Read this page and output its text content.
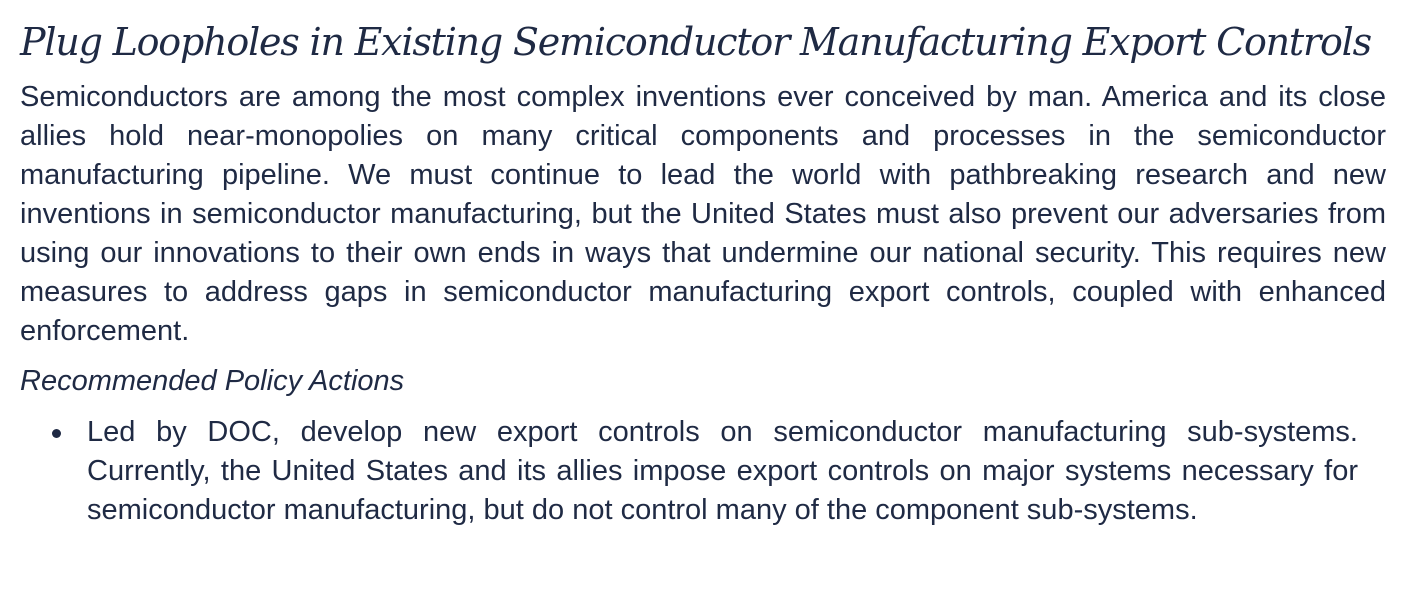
Plug Loopholes in Existing Semiconductor Manufacturing Export Controls

Semiconductors are among the most complex inventions ever conceived by man. America and its close allies hold near-monopolies on many critical components and processes in the semiconductor manufacturing pipeline. We must continue to lead the world with pathbreaking research and new inventions in semiconductor manufacturing, but the United States must also prevent our adversaries from using our innovations to their own ends in ways that undermine our national security. This requires new measures to address gaps in semiconductor manufacturing export controls, coupled with enhanced enforcement.

Recommended Policy Actions
Led by DOC, develop new export controls on semiconductor manufacturing sub-systems. Currently, the United States and its allies impose export controls on major systems necessary for semiconductor manufacturing, but do not control many of the component sub-systems.
